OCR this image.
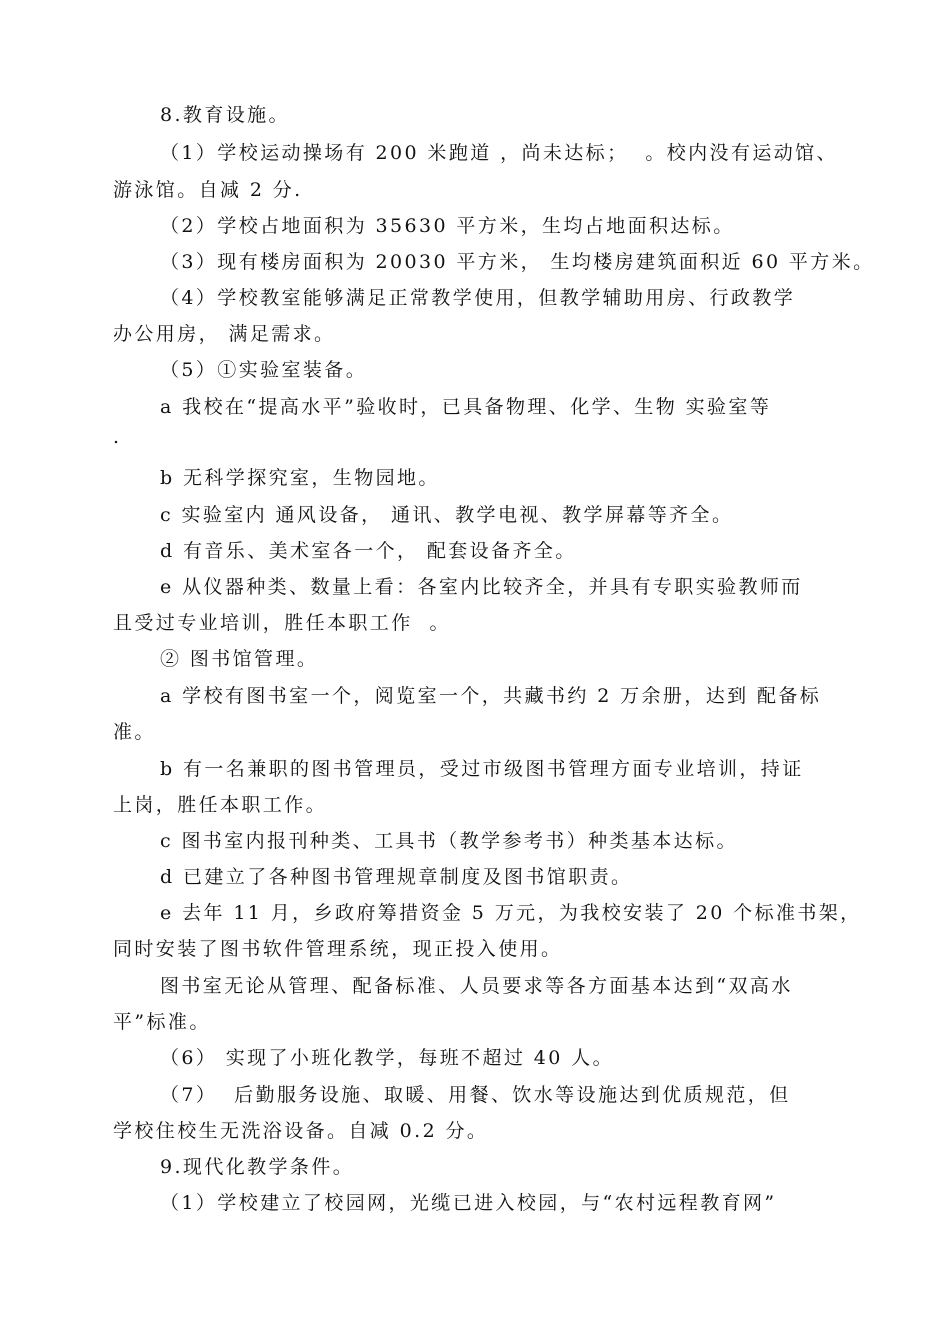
8.教育设施。
（1）学校运动操场有 200 米跑道 ，尚未达标；  。校内没有运动馆、
游泳馆。自减 2 分.
（2）学校占地面积为 35630 平方米，生均占地面积达标。
（3）现有楼房面积为 20030 平方米， 生均楼房建筑面积近 60 平方米。
（4）学校教室能够满足正常教学使用，但教学辅助用房、行政教学
办公用房， 满足需求。
（5）①实验室装备。
a 我校在“提高水平”验收时，已具备物理、化学、生物 实验室等
.
b 无科学探究室，生物园地。
c 实验室内 通风设备， 通讯、教学电视、教学屏幕等齐全。
d 有音乐、美术室各一个， 配套设备齐全。
e 从仪器种类、数量上看：各室内比较齐全，并具有专职实验教师而
且受过专业培训，胜任本职工作  。
② 图书馆管理。
a 学校有图书室一个，阅览室一个，共藏书约 2 万余册，达到 配备标
准。
b 有一名兼职的图书管理员，受过市级图书管理方面专业培训，持证
上岗，胜任本职工作。
c 图书室内报刊种类、工具书（教学参考书）种类基本达标。
d 已建立了各种图书管理规章制度及图书馆职责。
e 去年 11 月，乡政府筹措资金 5 万元，为我校安装了 20 个标准书架，
同时安装了图书软件管理系统，现正投入使用。
图书室无论从管理、配备标准、人员要求等各方面基本达到“双高水
平”标准。
（6） 实现了小班化教学，每班不超过 40 人。
（7）  后勤服务设施、取暖、用餐、饮水等设施达到优质规范，但
学校住校生无洗浴设备。自减 0.2 分。
9.现代化教学条件。
（1）学校建立了校园网，光缆已进入校园，与“农村远程教育网”
